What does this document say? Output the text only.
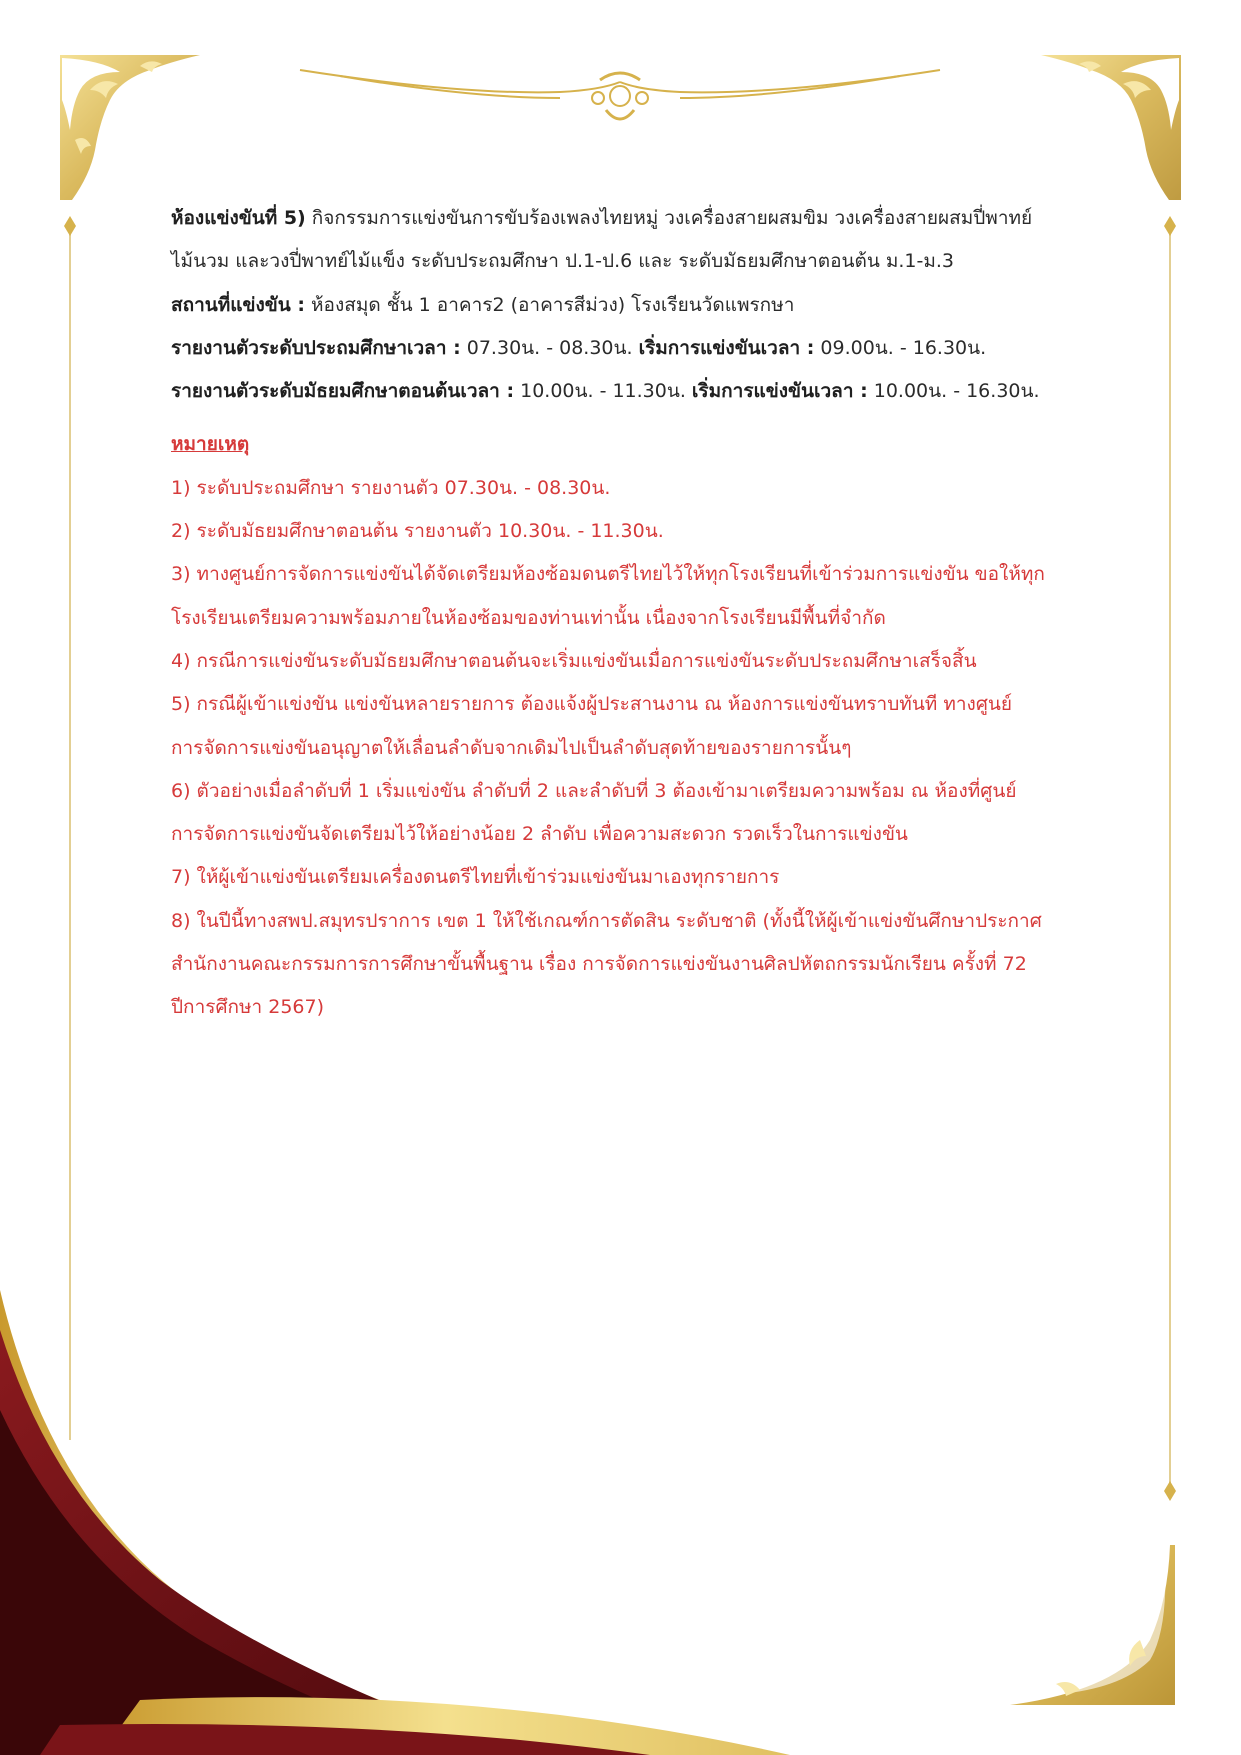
ห้องแข่งขันที่ 5) กิจกรรมการแข่งขันการขับร้องเพลงไทยหมู่ วงเครื่องสายผสมขิม วงเครื่องสายผสมปี่พาทย์
ไม้นวม และวงปี่พาทย์ไม้แข็ง ระดับประถมศึกษา ป.1-ป.6 และ ระดับมัธยมศึกษาตอนต้น ม.1-ม.3
สถานที่แข่งขัน : ห้องสมุด ชั้น 1 อาคาร2 (อาคารสีม่วง) โรงเรียนวัดแพรกษา
รายงานตัวระดับประถมศึกษาเวลา : 07.30น. - 08.30น. เริ่มการแข่งขันเวลา : 09.00น. - 16.30น.
รายงานตัวระดับมัธยมศึกษาตอนต้นเวลา : 10.00น. - 11.30น. เริ่มการแข่งขันเวลา : 10.00น. - 16.30น.
หมายเหตุ
1) ระดับประถมศึกษา รายงานตัว 07.30น. - 08.30น.
2) ระดับมัธยมศึกษาตอนต้น รายงานตัว 10.30น. - 11.30น.
3) ทางศูนย์การจัดการแข่งขันได้จัดเตรียมห้องซ้อมดนตรีไทยไว้ให้ทุกโรงเรียนที่เข้าร่วมการแข่งขัน ขอให้ทุก
โรงเรียนเตรียมความพร้อมภายในห้องซ้อมของท่านเท่านั้น เนื่องจากโรงเรียนมีพื้นที่จำกัด
4) กรณีการแข่งขันระดับมัธยมศึกษาตอนต้นจะเริ่มแข่งขันเมื่อการแข่งขันระดับประถมศึกษาเสร็จสิ้น
5) กรณีผู้เข้าแข่งขัน แข่งขันหลายรายการ ต้องแจ้งผู้ประสานงาน ณ ห้องการแข่งขันทราบทันที ทางศูนย์
การจัดการแข่งขันอนุญาตให้เลื่อนลำดับจากเดิมไปเป็นลำดับสุดท้ายของรายการนั้นๆ
6) ตัวอย่างเมื่อลำดับที่ 1 เริ่มแข่งขัน ลำดับที่ 2 และลำดับที่ 3 ต้องเข้ามาเตรียมความพร้อม ณ ห้องที่ศูนย์
การจัดการแข่งขันจัดเตรียมไว้ให้อย่างน้อย 2 ลำดับ เพื่อความสะดวก รวดเร็วในการแข่งขัน
7) ให้ผู้เข้าแข่งขันเตรียมเครื่องดนตรีไทยที่เข้าร่วมแข่งขันมาเองทุกรายการ
8) ในปีนี้ทางสพป.สมุทรปราการ เขต 1 ให้ใช้เกณฑ์การตัดสิน ระดับชาติ (ทั้งนี้ให้ผู้เข้าแข่งขันศึกษาประกาศ
สำนักงานคณะกรรมการการศึกษาขั้นพื้นฐาน เรื่อง การจัดการแข่งขันงานศิลปหัตถกรรมนักเรียน ครั้งที่ 72
ปีการศึกษา 2567)
